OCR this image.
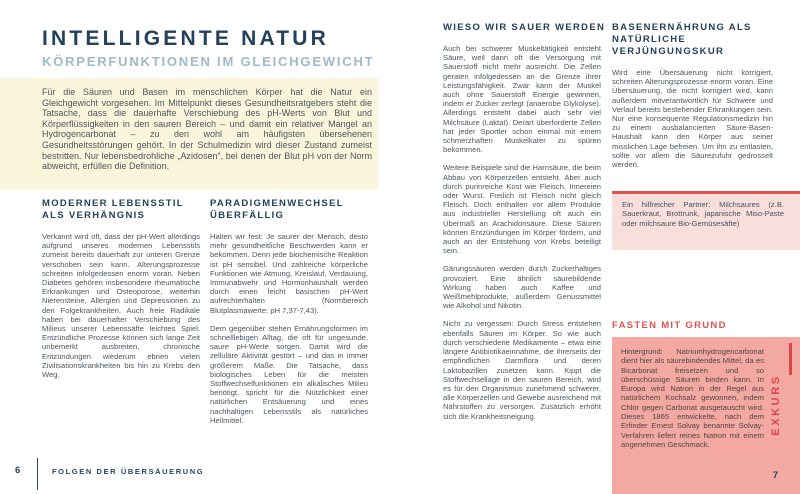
INTELLIGENTE NATUR
KÖRPERFUNKTIONEN IM GLEICHGEWICHT

Für die Säuren und Basen im menschlichen Körper hat die Natur ein Gleichgewicht vorgesehen. Im Mittelpunkt dieses Gesundheitsratgebers steht die Tatsache, dass die dauerhafte Verschiebung des pH-Werts von Blut und Körperflüssigkeiten in den sauren Bereich – und damit ein relativer Mangel an Hydrogencarbonat – zu den wohl am häufigsten übersehenen Gesundheitsstörungen gehört. In der Schulmedizin wird dieser Zustand zumeist bestritten. Nur lebensbedrohliche „Azidosen“, bei denen der Blut pH von der Norm abweicht, erfüllen die Definition.

MODERNER LEBENSSTIL ALS VERHÄNGNIS

Verkannt wird oft, dass der pH-Wert allerdings aufgrund unseres modernen Lebensstils zumeist bereits dauerhaft zur unteren Grenze verschoben sein kann. Alterungsprozesse schreiten infolgedessen enorm voran. Neben Diabetes gehören insbesondere rheumatische Erkrankungen und Osteoporose, weiterhin Nierensteine, Allergien und Depressionen zu den Folgekrankheiten. Auch freie Radikale haben bei dauerhafter Verschiebung des Milieus unserer Lebenssäfte leichtes Spiel. Entzündliche Prozesse können sich lange Zeit unbemerkt ausbreiten, chronische Entzündungen wiederum ebnen vielen Zivilisationskrankheiten bis hin zu Krebs den Weg.

PARADIGMENWECHSEL ÜBERFÄLLIG

Halten wir fest: Je saurer der Mensch, desto mehr gesundheitliche Beschwerden kann er bekommen. Denn jede biochemische Reaktion ist pH sensibel. Und zahlreiche körperliche Funktionen wie Atmung, Kreislauf, Verdauung, Immunabwehr und Hormonhaushalt werden durch einen leicht basischen pH-Wert aufrechterhalten (Normbereich Blutplasmawerte: pH 7,37-7,43).

Dem gegenüber stehen Ernährungsformen im schnelllebigen Alltag, die oft für ungesunde, saure pH-Werte sorgen. Damit wird die zelluläre Aktivität gestört – und das in immer größerem Maße. Die Tatsache, dass biologisches Leben für die meisten Stoffwechselfunktionen ein alkalisches Milieu benötigt, spricht für die Nützlichkeit einer natürlichen Entsäuerung und eines nachhaltigen Lebensstils als natürliches Heilmittel.

6	FOLGEN DER ÜBERSÄUERUNG
WIESO WIR SAUER WERDEN

Auch bei schwerer Muskeltätigkeit entsteht Säure, weil dann oft die Versorgung mit Sauerstoff nicht mehr ausreicht. Die Zellen geraten infolgedessen an die Grenze ihrer Leistungsfähigkeit. Zwar kann der Muskel auch ohne Sauerstoff Energie gewinnen, indem er Zucker zerlegt (anaerobe Glykolyse). Allerdings entsteht dabei auch sehr viel Milchsäure (Laktat). Derart überforderte Zellen hat jeder Sportler schon einmal mit einem schmerzhaften Muskelkater zu spüren bekommen.

Weitere Beispiele sind die Harnsäure, die beim Abbau von Körperzellen entsteht. Aber auch durch purinreiche Kost wie Fleisch, Innereien oder Wurst. Freilich ist Fleisch nicht gleich Fleisch. Doch enthalten vor allem Produkte aus industrieller Herstellung oft auch ein Übermaß an Arachidonsäure. Diese Säuren können Entzündungen im Körper fördern, und auch an der Entstehung von Krebs beteiligt sein.

Gärungssäuren werden durch Zuckerhaltiges provoziert. Eine ähnlich säurebildende Wirkung haben auch Kaffee und Weißmehlprodukte, außerdem Genussmittel wie Alkohol und Nikotin.

Nicht zu vergessen: Durch Stress entstehen ebenfalls Säuren im Körper. So wie auch durch verschiedene Medikamente – etwa eine längere Antibiotikaeinnahme, die ihrerseits der empfindlichen Darmflora und deren Laktobazillen zusetzen kann. Kippt die Stoffwechsellage in den sauren Bereich, wird es für den Organismus zunehmend schwerer, alle Körperzellen und Gewebe ausreichend mit Nährstoffen zu versorgen. Zusätzlich erhöht sich die Krankheitsneigung.

BASENERNÄHRUNG ALS NATÜRLICHE VERJÜNGUNGSKUR

Wird eine Übersäuerung nicht korrigiert, schreiten Alterungsprozesse enorm voran. Eine Übersäuerung, die nicht korrigiert wird, kann außerdem mitverantwortlich für Schwere und Verlauf bereits bestehender Erkrankungen sein. Nur eine konsequente Regulationsmedizin hin zu einem ausbalancierten Säure-Basen-Haushalt kann den Körper aus seiner misslichen Lage befreien. Um ihn zu entlasten, sollte vor allem die Säurezufuhr gedrosselt werden.

Ein hilfreicher Partner: Milchsaures (z.B. Sauerkraut, Brottrunk, japanische Miso-Paste oder milchsaure Bio-Gemüsesäfte)

FASTEN MIT GRUND

Hintergrund: Natriumhydrogencarbonat dient hier als säurebindendes Mittel, da es Bicarbonat freisetzen und so überschüssige Säuren binden kann. In Europa wird Natron in der Regel aus natürlichem Kochsalz gewonnen, indem Chlor gegen Carbonat ausgetauscht wird. Dieses 1865 entwickelte, nach dem Erfinder Ernest Solvay benannte Solvay-Verfahren liefert reines Natron mit einem angenehmen Geschmack.

EXKURS
7
